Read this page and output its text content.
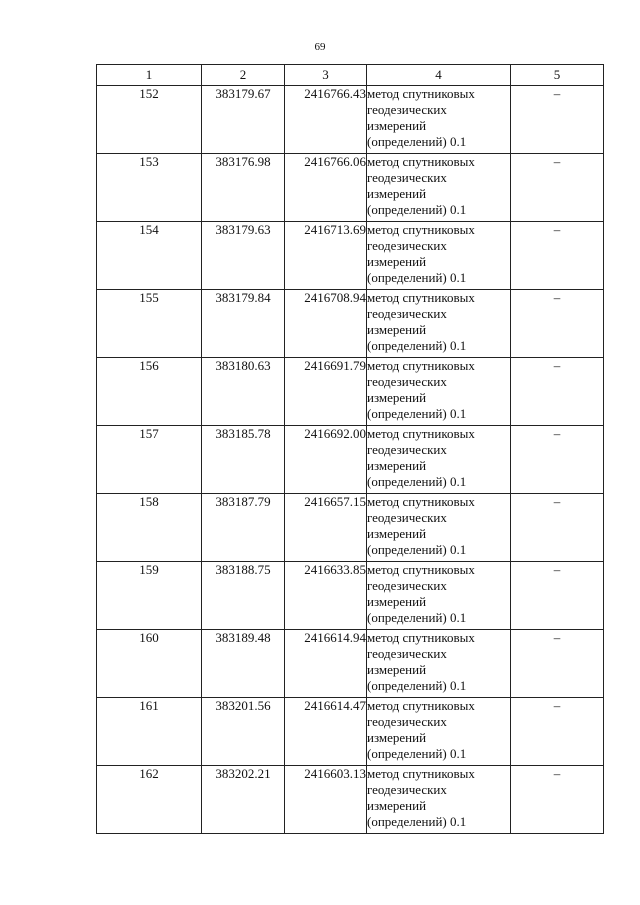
69
1	2	3	4	5
152	383179.67	2416766.43	метод спутниковых
геодезических
измерений
(определений) 0.1	–
153	383176.98	2416766.06	метод спутниковых
геодезических
измерений
(определений) 0.1	–
154	383179.63	2416713.69	метод спутниковых
геодезических
измерений
(определений) 0.1	–
155	383179.84	2416708.94	метод спутниковых
геодезических
измерений
(определений) 0.1	–
156	383180.63	2416691.79	метод спутниковых
геодезических
измерений
(определений) 0.1	–
157	383185.78	2416692.00	метод спутниковых
геодезических
измерений
(определений) 0.1	–
158	383187.79	2416657.15	метод спутниковых
геодезических
измерений
(определений) 0.1	–
159	383188.75	2416633.85	метод спутниковых
геодезических
измерений
(определений) 0.1	–
160	383189.48	2416614.94	метод спутниковых
геодезических
измерений
(определений) 0.1	–
161	383201.56	2416614.47	метод спутниковых
геодезических
измерений
(определений) 0.1	–
162	383202.21	2416603.13	метод спутниковых
геодезических
измерений
(определений) 0.1	–
